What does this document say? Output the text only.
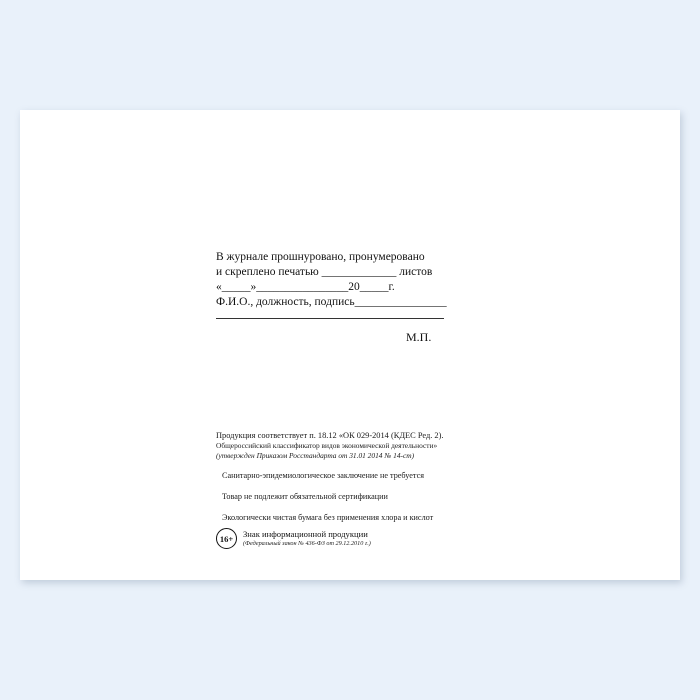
В журнале прошнуровано, пронумеровано
и скреплено печатью _____________ листов
«_____»________________20_____г.
Ф.И.О., должность, подпись________________
М.П.
Продукция соответствует п. 18.12 «ОК 029-2014 (КДЕС Ред. 2).
Общероссийский классификатор видов экономической деятельности»
(утвержден Приказом Росстандарта от 31.01 2014 № 14-ст)
Санитарно-эпидемиологическое заключение не требуется
Товар не подлежит обязательной сертификации
Экологически чистая бумага без применения хлора и кислот
16+	Знак информационной продукции
(Федеральный закон № 436-ФЗ от 29.12.2010 г.)
